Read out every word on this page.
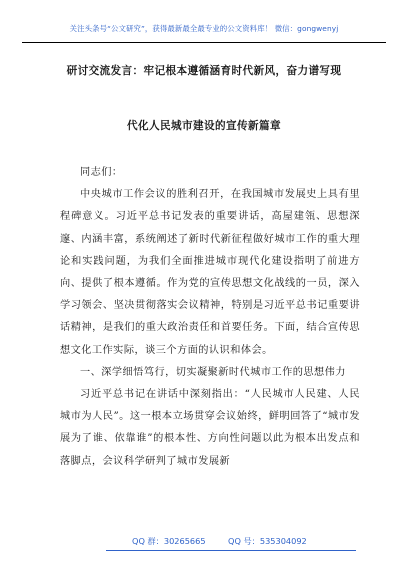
关注头条号“公文研究”，获得最新最全最专业的公文资料库！ 微信：gongwenyj
研讨交流发言：牢记根本遵循涵育时代新风，奋力谱写现
代化人民城市建设的宣传新篇章

同志们：

中央城市工作会议的胜利召开，在我国城市发展史上具有里程碑意义。习近平总书记发表的重要讲话，高屋建瓴、思想深邃、内涵丰富，系统阐述了新时代新征程做好城市工作的重大理论和实践问题，为我们全面推进城市现代化建设指明了前进方向、提供了根本遵循。作为党的宣传思想文化战线的一员，深入学习领会、坚决贯彻落实会议精神，特别是习近平总书记重要讲话精神，是我们的重大政治责任和首要任务。下面，结合宣传思想文化工作实际，谈三个方面的认识和体会。

一、深学细悟笃行，切实凝聚新时代城市工作的思想伟力

习近平总书记在讲话中深刻指出：“人民城市人民建、人民城市为人民”。这一根本立场贯穿会议始终，鲜明回答了“城市发展为了谁、依靠谁”的根本性、方向性问题以此为根本出发点和落脚点，会议科学研判了城市发展新

QQ 群：30265665	QQ 号：535304092
